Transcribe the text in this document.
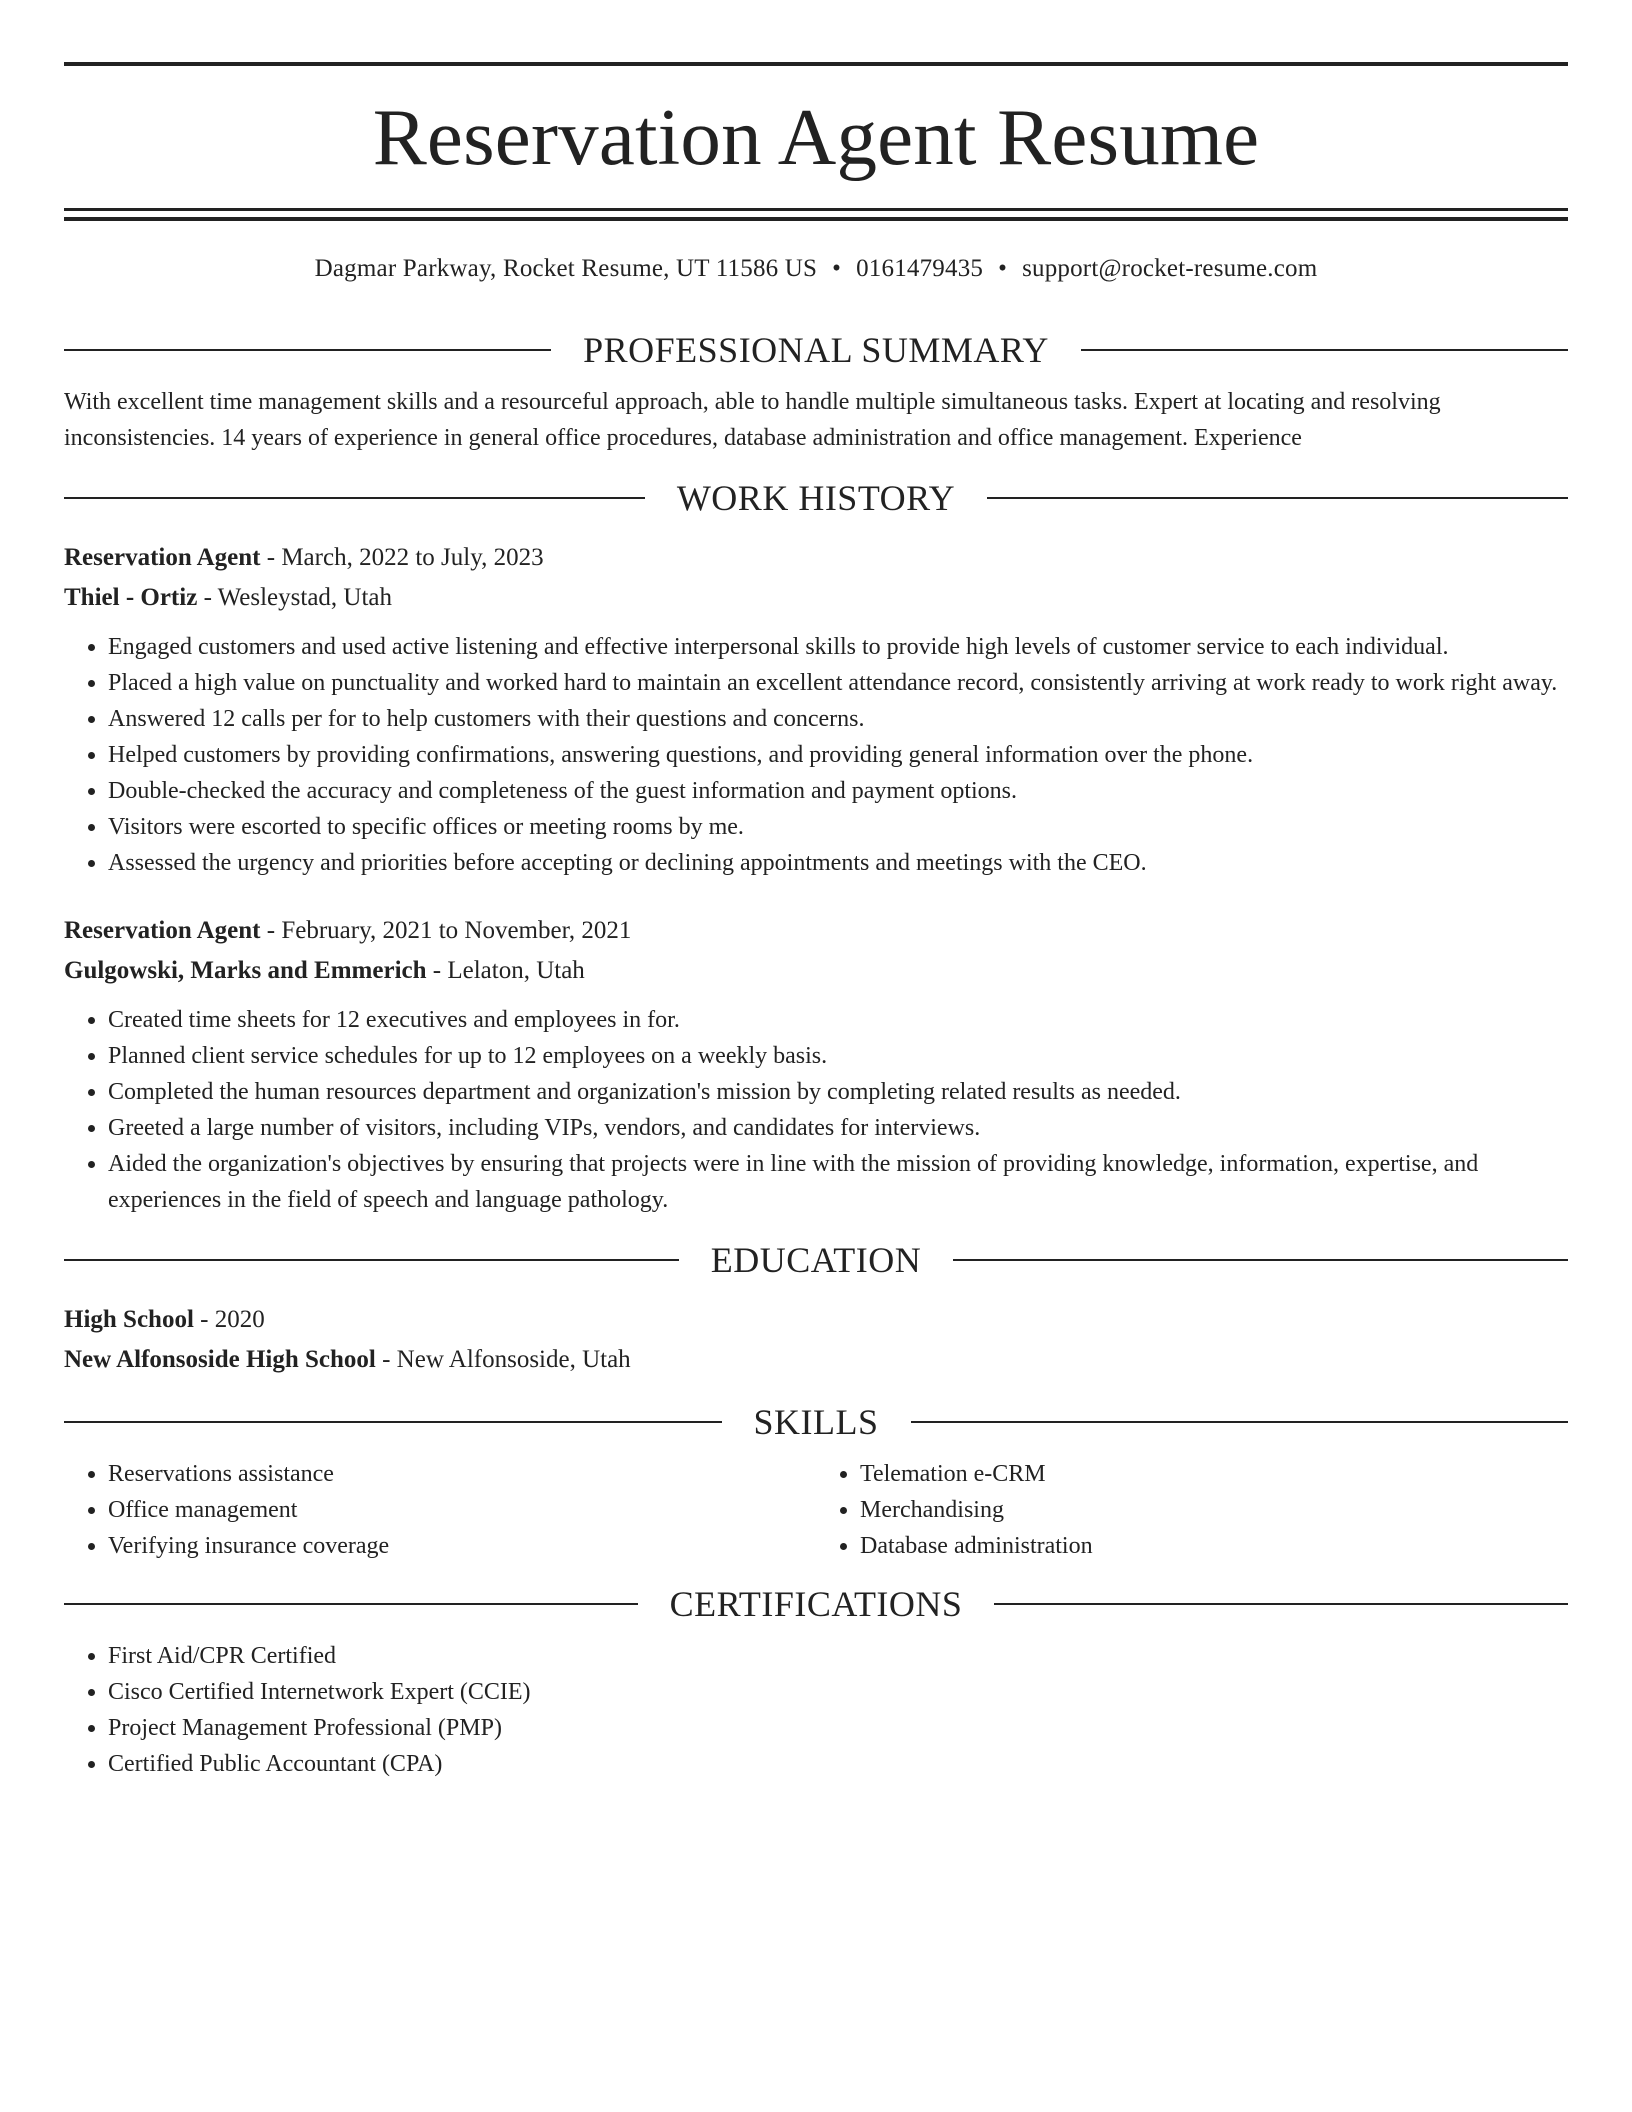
Reservation Agent Resume
Dagmar Parkway, Rocket Resume, UT 11586 US • 0161479435 • support@rocket-resume.com
PROFESSIONAL SUMMARY

With excellent time management skills and a resourceful approach, able to handle multiple simultaneous tasks. Expert at locating and resolving inconsistencies. 14 years of experience in general office procedures, database administration and office management. Experience

WORK HISTORY

Reservation Agent - March, 2022 to July, 2023

Thiel - Ortiz - Wesleystad, Utah

• Engaged customers and used active listening and effective interpersonal skills to provide high levels of customer service to each individual.
• Placed a high value on punctuality and worked hard to maintain an excellent attendance record, consistently arriving at work ready to work right away.
• Answered 12 calls per for to help customers with their questions and concerns.
• Helped customers by providing confirmations, answering questions, and providing general information over the phone.
• Double-checked the accuracy and completeness of the guest information and payment options.
• Visitors were escorted to specific offices or meeting rooms by me.
• Assessed the urgency and priorities before accepting or declining appointments and meetings with the CEO.

Reservation Agent - February, 2021 to November, 2021

Gulgowski, Marks and Emmerich - Lelaton, Utah

• Created time sheets for 12 executives and employees in for.
• Planned client service schedules for up to 12 employees on a weekly basis.
• Completed the human resources department and organization's mission by completing related results as needed.
• Greeted a large number of visitors, including VIPs, vendors, and candidates for interviews.
• Aided the organization's objectives by ensuring that projects were in line with the mission of providing knowledge, information, expertise, and experiences in the field of speech and language pathology.
EDUCATION

High School - 2020

New Alfonsoside High School - New Alfonsoside, Utah

SKILLS
• Reservations assistance
• Office management
• Verifying insurance coverage
• Telemation e-CRM
• Merchandising
• Database administration
CERTIFICATIONS
• First Aid/CPR Certified
• Cisco Certified Internetwork Expert (CCIE)
• Project Management Professional (PMP)
• Certified Public Accountant (CPA)
